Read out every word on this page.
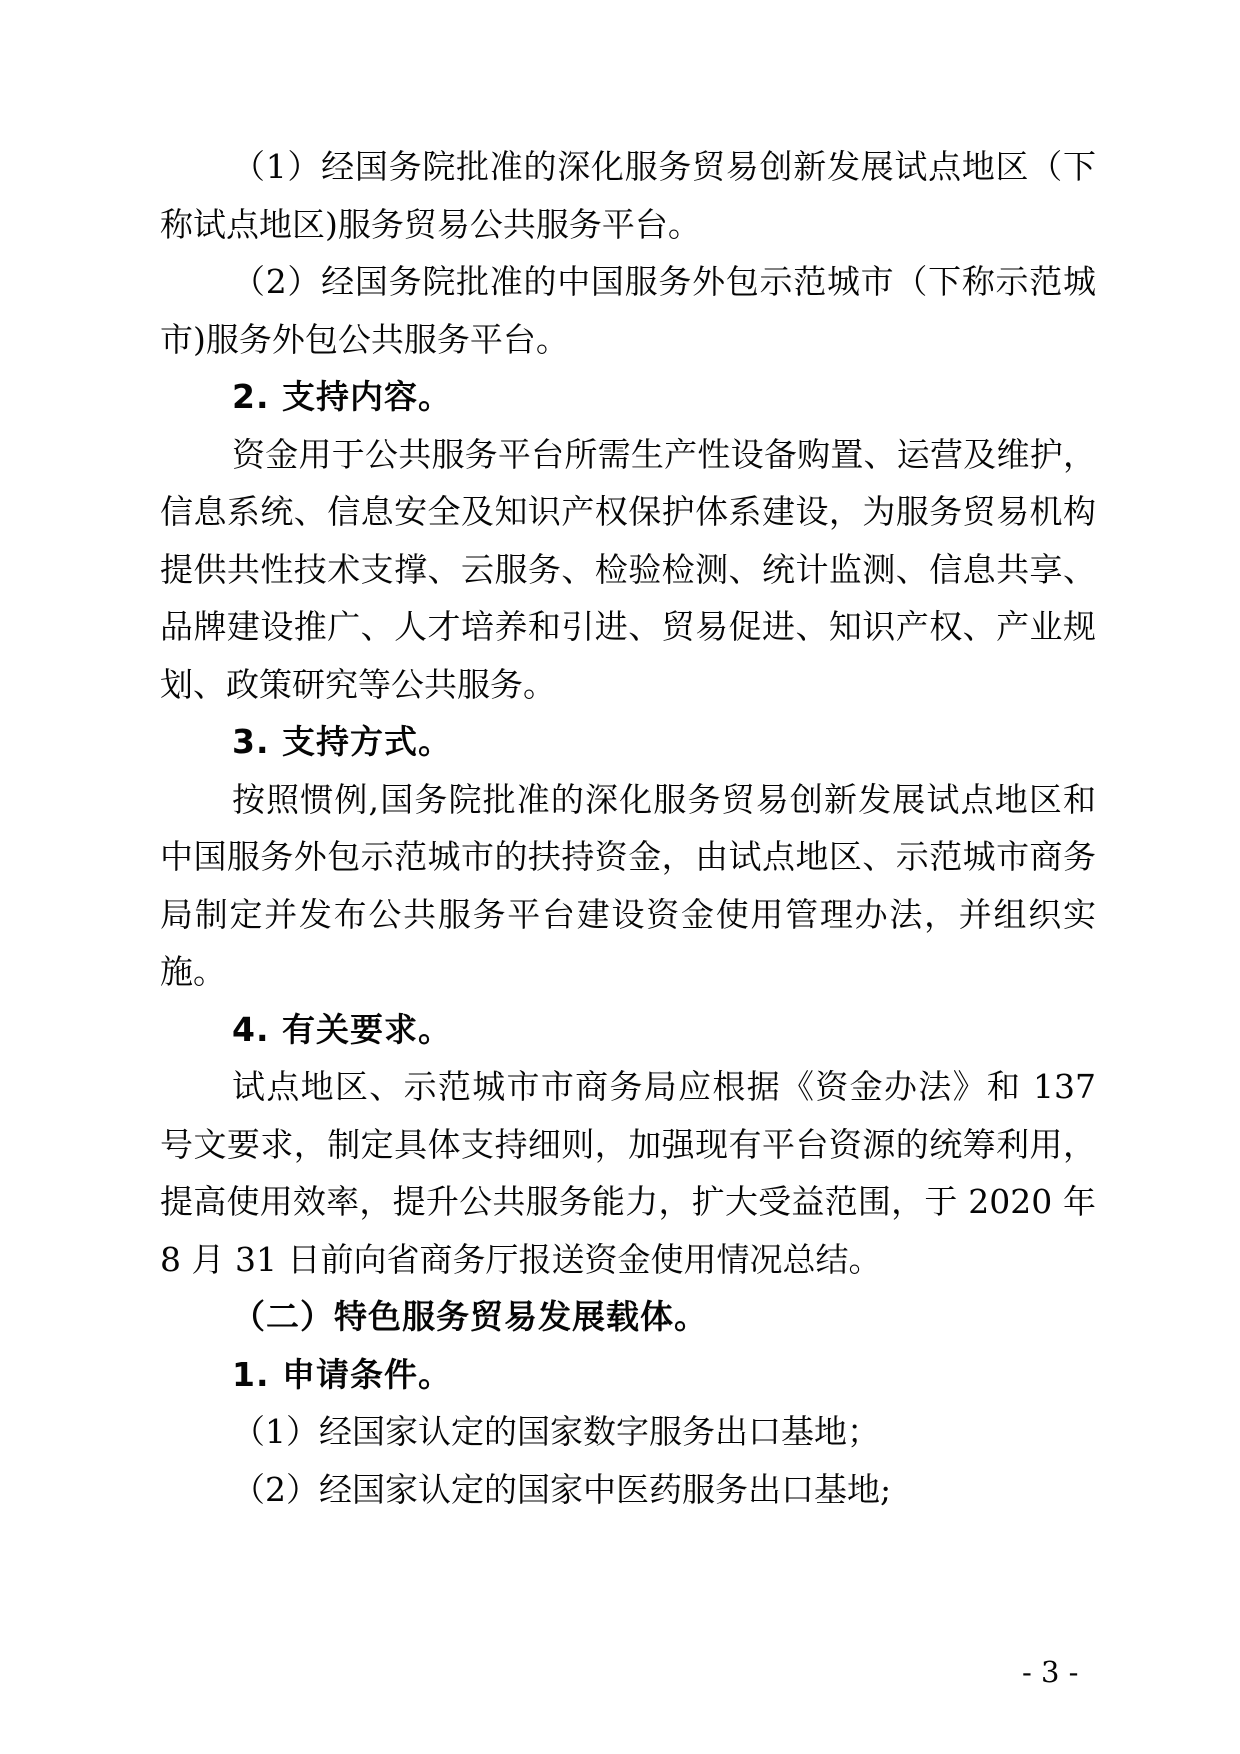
（1）经国务院批准的深化服务贸易创新发展试点地区（下
称试点地区)服务贸易公共服务平台。
（2）经国务院批准的中国服务外包示范城市（下称示范城
市)服务外包公共服务平台。
2. 支持内容。
资金用于公共服务平台所需生产性设备购置、运营及维护，
信息系统、信息安全及知识产权保护体系建设，为服务贸易机构
提供共性技术支撑、云服务、检验检测、统计监测、信息共享、
品牌建设推广、人才培养和引进、贸易促进、知识产权、产业规
划、政策研究等公共服务。
3. 支持方式。
按照惯例,国务院批准的深化服务贸易创新发展试点地区和
中国服务外包示范城市的扶持资金，由试点地区、示范城市商务
局制定并发布公共服务平台建设资金使用管理办法，并组织实
施。
4. 有关要求。
试点地区、示范城市市商务局应根据《资金办法》和 137
号文要求，制定具体支持细则，加强现有平台资源的统筹利用，
提高使用效率，提升公共服务能力，扩大受益范围，于 2020 年
8 月 31 日前向省商务厅报送资金使用情况总结。
（二）特色服务贸易发展载体。
1. 申请条件。
（1）经国家认定的国家数字服务出口基地；
（2）经国家认定的国家中医药服务出口基地;
- 3 -
